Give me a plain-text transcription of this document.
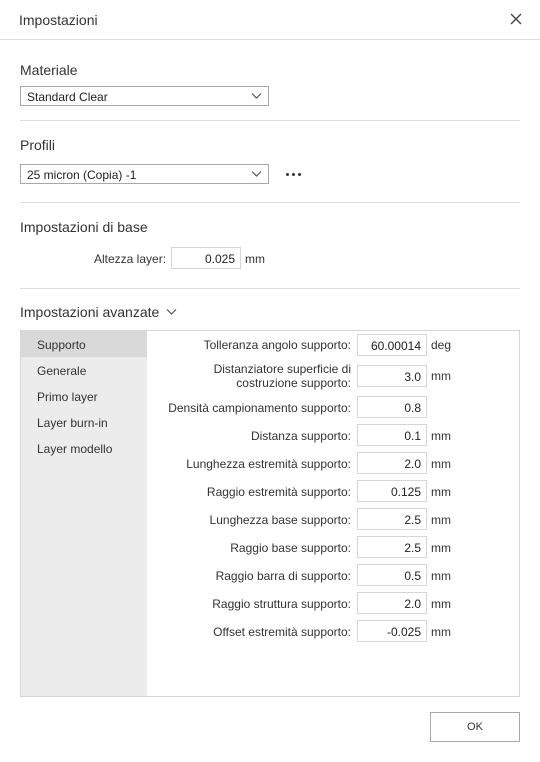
Impostazioni
Materiale
Standard Clear
Profili
25 micron (Copia) -1
Impostazioni di base
Altezza layer:	0.025 mm
Impostazioni avanzate
Supporto
Generale
Primo layer
Layer burn-in
Layer modello
Tolleranza angolo supporto:	60.00014 deg
Distanziatore superficie di
costruzione supporto:	3.0 mm
Densità campionamento supporto:	0.8
Distanza supporto:	0.1 mm
Lunghezza estremità supporto:	2.0 mm
Raggio estremità supporto:	0.125 mm
Lunghezza base supporto:	2.5 mm
Raggio base supporto:	2.5 mm
Raggio barra di supporto:	0.5 mm
Raggio struttura supporto:	2.0 mm
Offset estremità supporto:	-0.025 mm
OK
